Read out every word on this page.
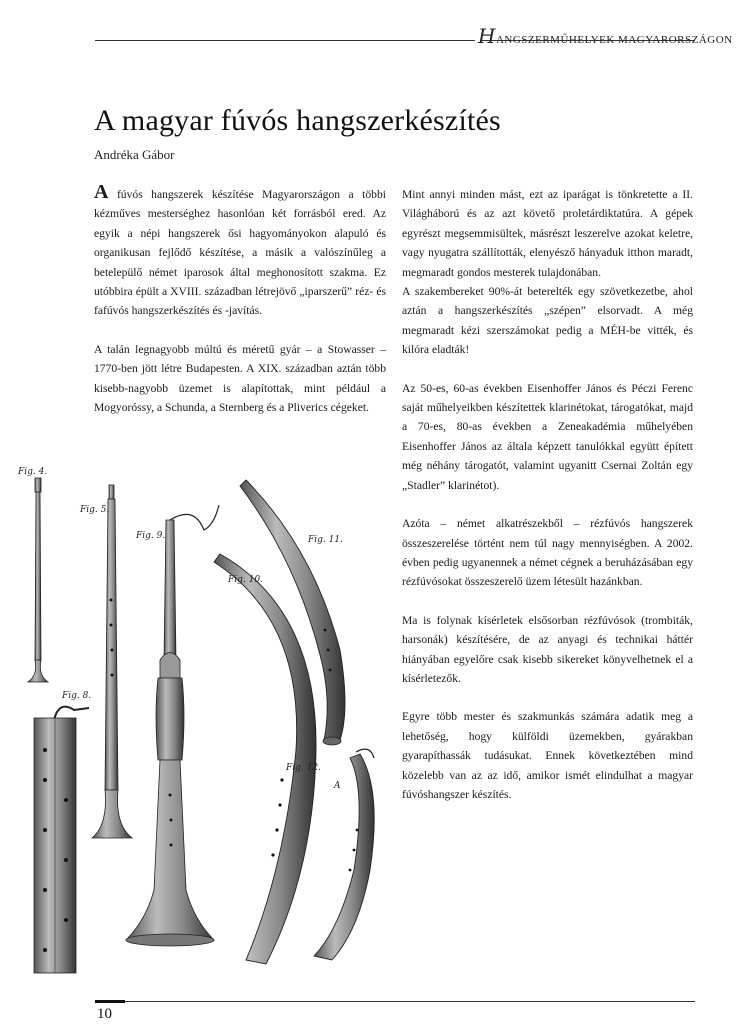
HANGSZERMŰHELYEK MAGYARORSZÁGON
A magyar fúvós hangszerkészítés
Andréka Gábor

A fúvós hangszerek készítése Magyarországon a többi kézműves mesterséghez hasonlóan két forrásból ered. Az egyik a népi hangszerek ősi hagyományokon alapuló és organikusan fejlődő készítése, a másik a valószínűleg a betelepülő német iparosok által meghonosított szakma. Ez utóbbira épült a XVIII. században létrejövő „iparszerű” réz- és fafúvós hangszerkészítés és -javítás.

A talán legnagyobb múltú és méretű gyár – a Stowasser – 1770-ben jött létre Budapesten. A XIX. században aztán több kisebb-nagyobb üzemet is alapítottak, mint például a Mogyoróssy, a Schunda, a Sternberg és a Pliverics cégeket.

Mint annyi minden mást, ezt az iparágat is tönkretette a II. Világháború és az azt követő proletárdiktatúra. A gépek egyrészt megsemmisültek, másrészt leszerelve azokat keletre, vagy nyugatra szállították, elenyésző hányaduk itthon maradt, megmaradt gondos mesterek tulajdonában.

A szakembereket 90%-át beterelték egy szövetkezetbe, ahol aztán a hangszerkészítés „szépen” elsorvadt. A még megmaradt kézi szerszámokat pedig a MÉH-be vitték, és kilóra eladták!

Az 50-es, 60-as években Eisenhoffer János és Péczi Ferenc saját műhelyeikben készítettek klarinétokat, tárogatókat, majd a 70-es, 80-as években a Zeneakadémia műhelyében Eisenhoffer János az általa képzett tanulókkal együtt épített még néhány tárogatót, valamint ugyanitt Csernai Zoltán egy „Stadler” klarinétot).

Azóta – német alkatrészekből – rézfúvós hangszerek összeszerelése történt nem túl nagy mennyiségben. A 2002. évben pedig ugyanennek a német cégnek a beruházásában egy rézfúvósokat összeszerelő üzem létesült hazánkban.

Ma is folynak kísérletek elsősorban rézfúvósok (trombiták, harsonák) készítésére, de az anyagi és technikai háttér hiányában egyelőre csak kisebb sikereket könyvelhetnek el a kísérletezők.

Egyre több mester és szakmunkás számára adatik meg a lehetőség, hogy külföldi üzemekben, gyárakban gyarapíthassák tudásukat. Ennek következtében mind közelebb van az az idő, amikor ismét elindulhat a magyar fúvóshangszer készítés.

Fig. 4.
Fig. 5.
Fig. 9.
Fig. 8.
Fig. 10.
Fig. 11.
Fig. 12.
A
10
